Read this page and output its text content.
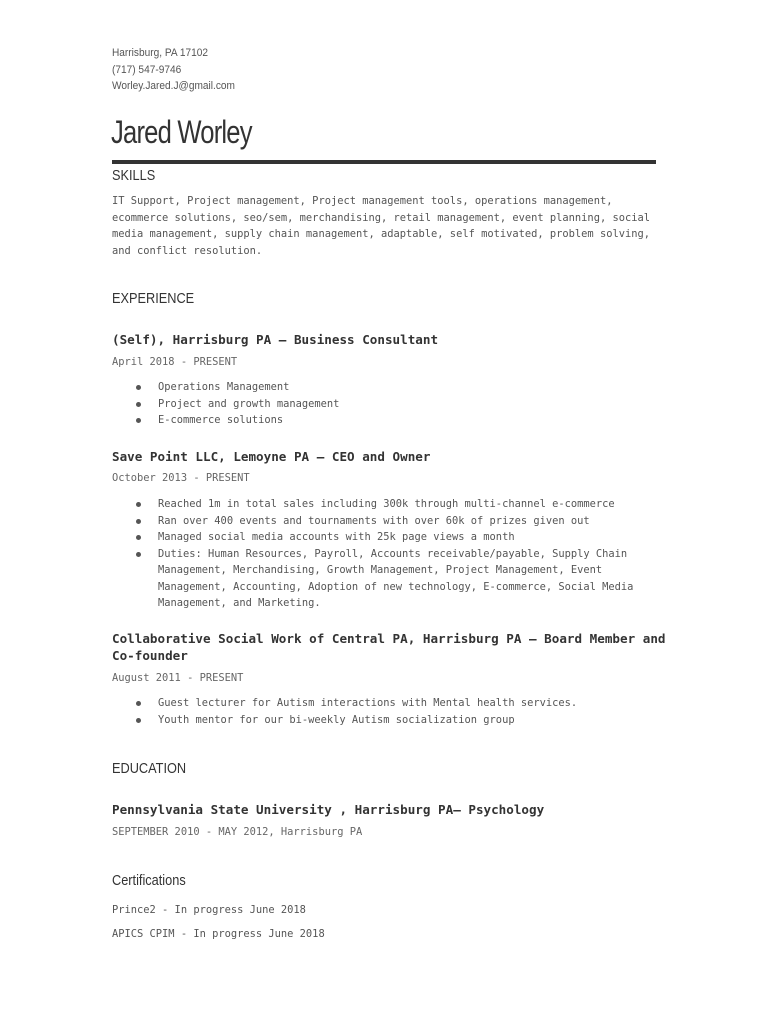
Harrisburg, PA 17102
(717) 547-9746
Worley.Jared.J@gmail.com
Jared Worley
SKILLS
IT Support, Project management, Project management tools, operations management, ecommerce solutions, seo/sem, merchandising, retail management, event planning, social media management, supply chain management, adaptable, self motivated, problem solving, and conflict resolution.
EXPERIENCE
(Self), Harrisburg PA — Business Consultant
April 2018 - PRESENT
Operations Management
Project and growth management
E-commerce solutions
Save Point LLC, Lemoyne PA — CEO and Owner
October 2013 - PRESENT
Reached 1m in total sales including 300k through multi-channel e-commerce
Ran over 400 events and tournaments with over 60k of prizes given out
Managed social media accounts with 25k page views a month
Duties: Human Resources, Payroll, Accounts receivable/payable, Supply Chain Management, Merchandising, Growth Management, Project Management, Event Management, Accounting, Adoption of new technology, E-commerce, Social Media Management, and Marketing.
Collaborative Social Work of Central PA, Harrisburg PA — Board Member and Co-founder
August 2011 - PRESENT
Guest lecturer for Autism interactions with Mental health services.
Youth mentor for our bi-weekly Autism socialization group
EDUCATION
Pennsylvania State University , Harrisburg PA— Psychology
SEPTEMBER 2010 - MAY 2012, Harrisburg PA
Certifications
Prince2 - In progress June 2018
APICS CPIM - In progress June 2018
